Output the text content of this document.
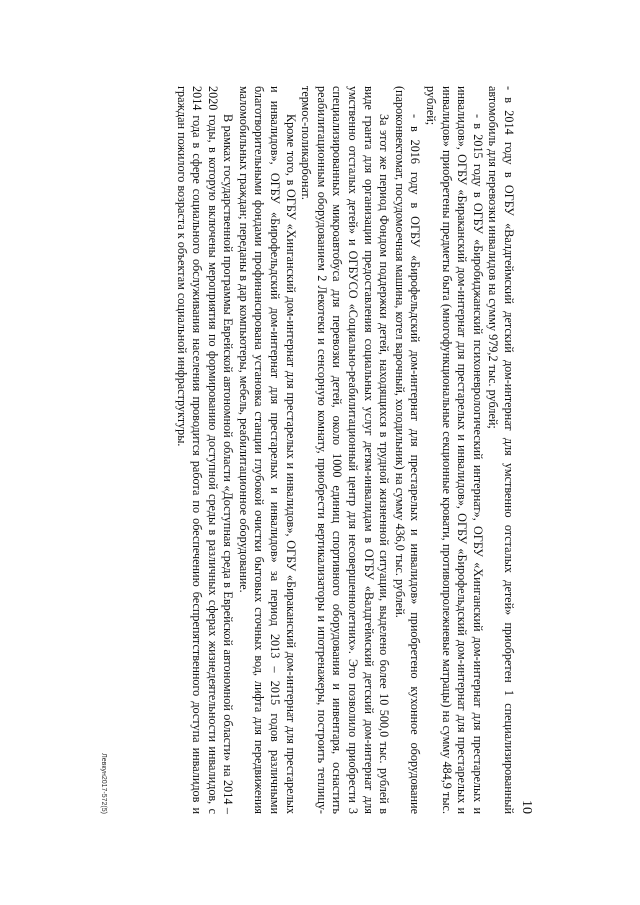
10

- в 2014 году в ОГБУ «Валдгеймский детский дом-интернат для умственно отсталых детей» приобретен 1 специализированный автомобиль для перевозки инвалидов на сумму 979,2 тыс. рублей;

- в 2015 году в ОГБУ «Биробиджанский психоневрологический интернат», ОГБУ «Хинганский дом-интернат для престарелых и инвалидов», ОГБУ «Бираканский дом-интернат для престарелых и инвалидов», ОГБУ «Бирофельдский дом-интернат для престарелых и инвалидов» приобретены предметы быта (многофункциональные секционные кровати, противопролежневые матрацы) на сумму 484,9 тыс. рублей;

- в 2016 году в ОГБУ «Бирофельдский дом-интернат для престарелых и инвалидов» приобретено кухонное оборудование (пароконвектомат, посудомоечная машина, котел варочный, холодильник) на сумму 436,0 тыс. рублей.

За этот же период Фондом поддержки детей, находящихся в трудной жизненной ситуации, выделено более 10 500,0 тыс. рублей в виде гранта для организации предоставления социальных услуг детям-инвалидам в ОГБУ «Валдгеймский детский дом-интернат для умственно отсталых детей» и ОГБУСО «Социально-реабилитационный центр для несовершеннолетних». Это позволило приобрести 3 специализированных микроавтобуса для перевозки детей, около 1000 единиц спортивного оборудования и инвентаря, оснастить реабилитационным оборудованием 2 Лекотеки и сенсорную комнату, приобрести вертикализаторы и ипотренажеры, построить теплицу-термос-поликарбонат.

Кроме того, в ОГБУ «Хинганский дом-интернат для престарелых и инвалидов», ОГБУ «Бираканский дом-интернат для престарелых и инвалидов», ОГБУ «Бирофельдский дом-интернат для престарелых и инвалидов» за период 2013 – 2015 годов различными благотворительными фондами профинансирована установка станции глубокой очистки бытовых сточных вод, лифта для передвижения маломобильных граждан; переданы в дар компьютеры, мебель, реабилитационное оборудование.

В рамках государственной программы Еврейской автономной области «Доступная среда в Еврейской автономной области» на 2014 – 2020 годы, в которую включены мероприятия по формированию доступной среды в различных сферах жизнедеятельности инвалидов, с 2014 года в сфере социального обслуживания населения проводится работа по обеспечению беспрепятственного доступа инвалидов и граждан пожилого возраста к объектам социальной инфраструктуры.

Левкун2017-572(5)
